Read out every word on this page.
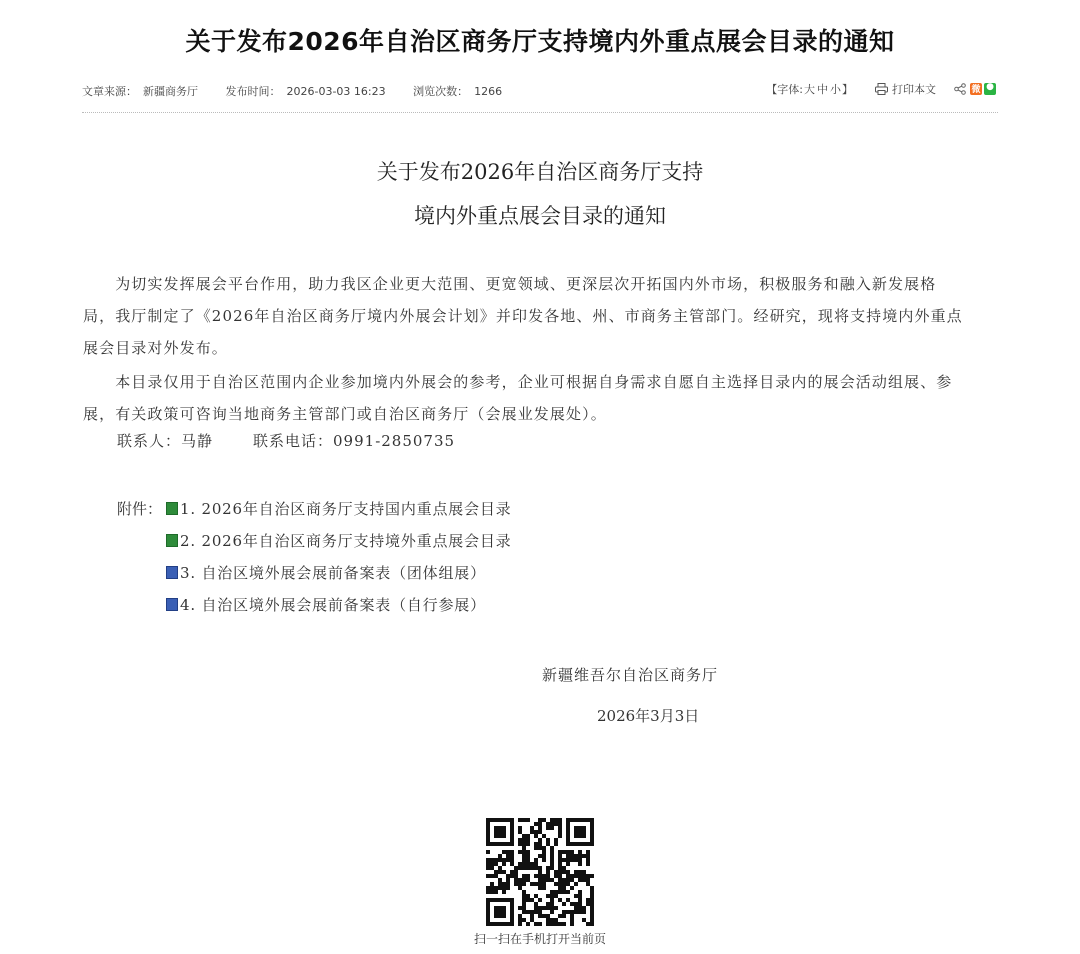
关于发布2026年自治区商务厅支持境内外重点展会目录的通知
文章来源： 新疆商务厅	发布时间： 2026-03-03 16:23	浏览次数： 1266	【字体:大 中 小】	打印本文	微 ●
关于发布2026年自治区商务厅支持
境内外重点展会目录的通知
　　为切实发挥展会平台作用，助力我区企业更大范围、更宽领域、更深层次开拓国内外市场，积极服务和融入新发展格
局，我厅制定了《2026年自治区商务厅境内外展会计划》并印发各地、州、市商务主管部门。经研究，现将支持境内外重点
展会目录对外发布。
　　本目录仅用于自治区范围内企业参加境内外展会的参考，企业可根据自身需求自愿自主选择目录内的展会活动组展、参
展，有关政策可咨询当地商务主管部门或自治区商务厅（会展业发展处）。
联系人：马静	联系电话：0991-2850735
附件： 1. 2026年自治区商务厅支持国内重点展会目录
2. 2026年自治区商务厅支持境外重点展会目录
3. 自治区境外展会展前备案表（团体组展）
4. 自治区境外展会展前备案表（自行参展）
新疆维吾尔自治区商务厅
2026年3月3日
扫一扫在手机打开当前页
